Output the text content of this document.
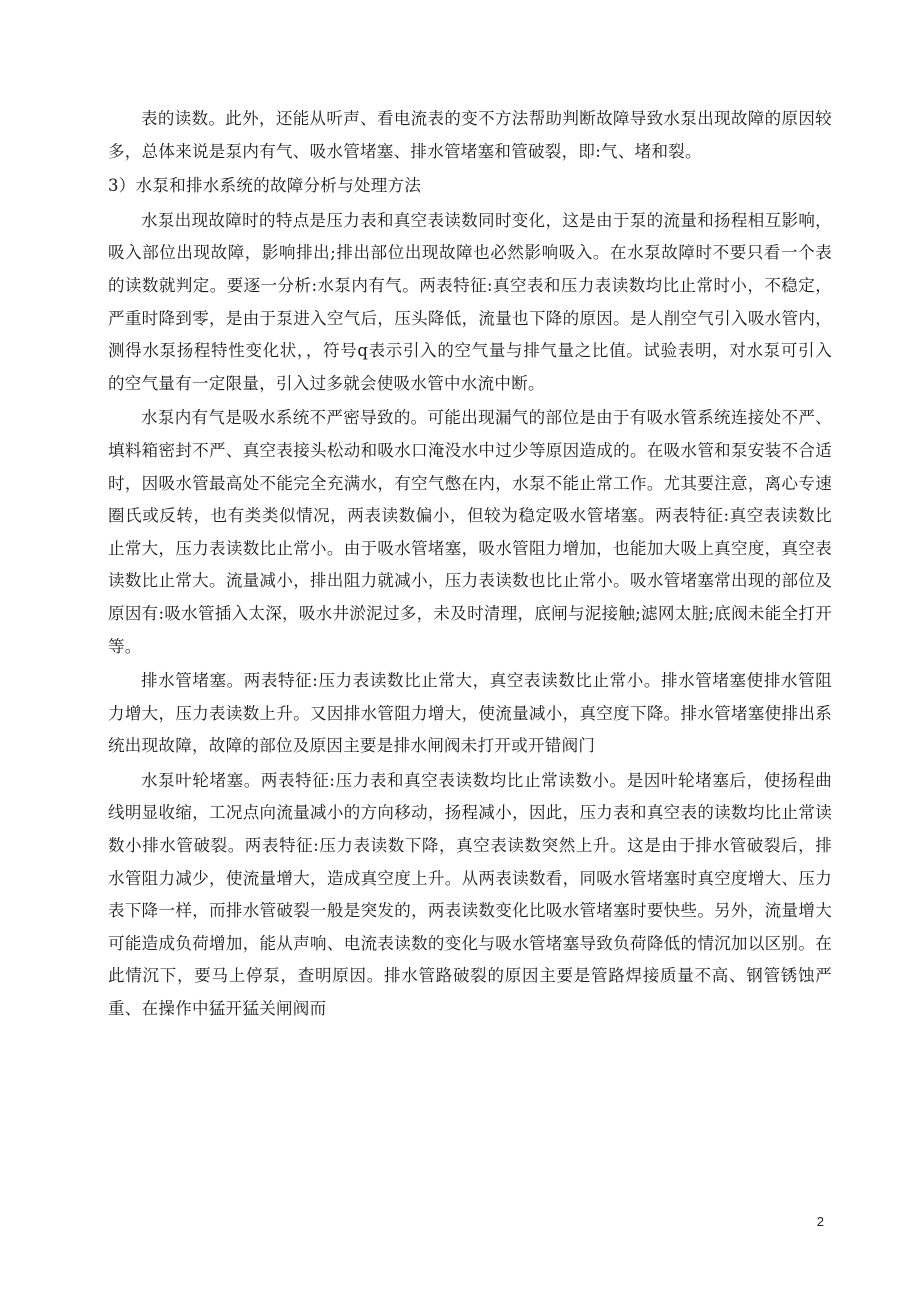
表的读数。此外，还能从听声、看电流表的变不方法帮助判断故障导致水泵出现故障的原因较多，总体来说是泵内有气、吸水管堵塞、排水管堵塞和管破裂，即:气、堵和裂。

3）水泵和排水系统的故障分析与处理方法

水泵出现故障时的特点是压力表和真空表读数同时变化，这是由于泵的流量和扬程相互影响，吸入部位出现故障，影响排出;排出部位出现故障也必然影响吸入。在水泵故障时不要只看一个表的读数就判定。要逐一分析:水泵内有气。两表特征:真空表和压力表读数均比止常时小，不稳定，严重时降到零，是由于泵进入空气后，压头降低，流量也下降的原因。是人削空气引入吸水管内，测得水泵扬程特性变化状，，符号q表示引入的空气量与排气量之比值。试验表明，对水泵可引入的空气量有一定限量，引入过多就会使吸水管中水流中断。

水泵内有气是吸水系统不严密导致的。可能出现漏气的部位是由于有吸水管系统连接处不严、填料箱密封不严、真空表接头松动和吸水口淹没水中过少等原因造成的。在吸水管和泵安装不合适时，因吸水管最高处不能完全充满水，有空气憋在内，水泵不能止常工作。尤其要注意，离心专速圈氏或反转，也有类类似情况，两表读数偏小，但较为稳定吸水管堵塞。两表特征:真空表读数比止常大，压力表读数比止常小。由于吸水管堵塞，吸水管阻力增加，也能加大吸上真空度，真空表读数比止常大。流量减小，排出阻力就减小，压力表读数也比止常小。吸水管堵塞常出现的部位及原因有:吸水管插入太深，吸水井淤泥过多，未及时清理，底闸与泥接触;滤网太脏;底阀未能全打开等。

排水管堵塞。两表特征:压力表读数比止常大，真空表读数比止常小。排水管堵塞使排水管阻力增大，压力表读数上升。又因排水管阻力增大，使流量减小，真空度下降。排水管堵塞使排出系统出现故障，故障的部位及原因主要是排水闸阀未打开或开错阀门

水泵叶轮堵塞。两表特征:压力表和真空表读数均比止常读数小。是因叶轮堵塞后，使扬程曲线明显收缩，工况点向流量减小的方向移动，扬程减小，因此，压力表和真空表的读数均比止常读数小排水管破裂。两表特征:压力表读数下降，真空表读数突然上升。这是由于排水管破裂后，排水管阻力减少，使流量增大，造成真空度上升。从两表读数看，同吸水管堵塞时真空度增大、压力表下降一样，而排水管破裂一般是突发的，两表读数变化比吸水管堵塞时要快些。另外，流量增大可能造成负荷增加，能从声响、电流表读数的变化与吸水管堵塞导致负荷降低的情沉加以区别。在此情沉下，要马上停泵，查明原因。排水管路破裂的原因主要是管路焊接质量不高、钢管锈蚀严重、在操作中猛开猛关闸阀而

2
